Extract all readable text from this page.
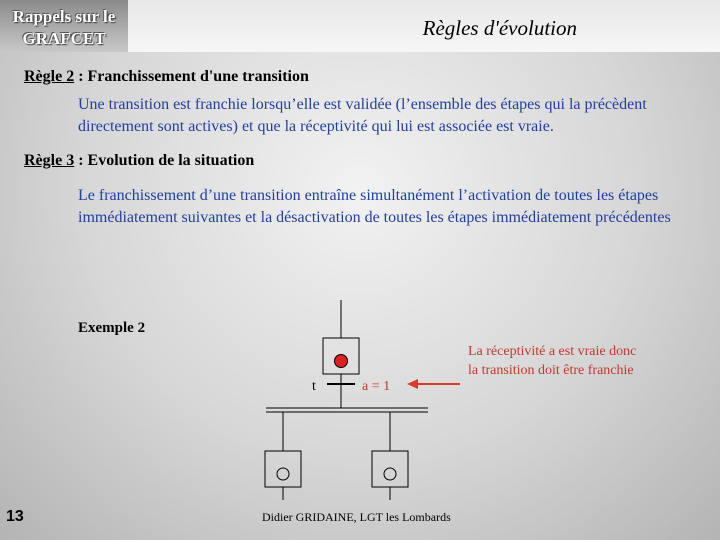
Rappels sur le GRAFCET	Règles d'évolution
Règle 2 : Franchissement d'une transition
Une transition est franchie lorsqu’elle est validée (l’ensemble des étapes qui la précèdent directement sont actives) et que la réceptivité qui lui est associée est vraie.
Règle 3 : Evolution de la situation
Le franchissement d’une transition entraîne simultanément l’activation de toutes les étapes immédiatement suivantes et la désactivation de toutes les étapes immédiatement précédentes
Exemple 2
t	a = 1
La réceptivité a est vraie donc la transition doit être franchie
13	Didier GRIDAINE, LGT les Lombards
